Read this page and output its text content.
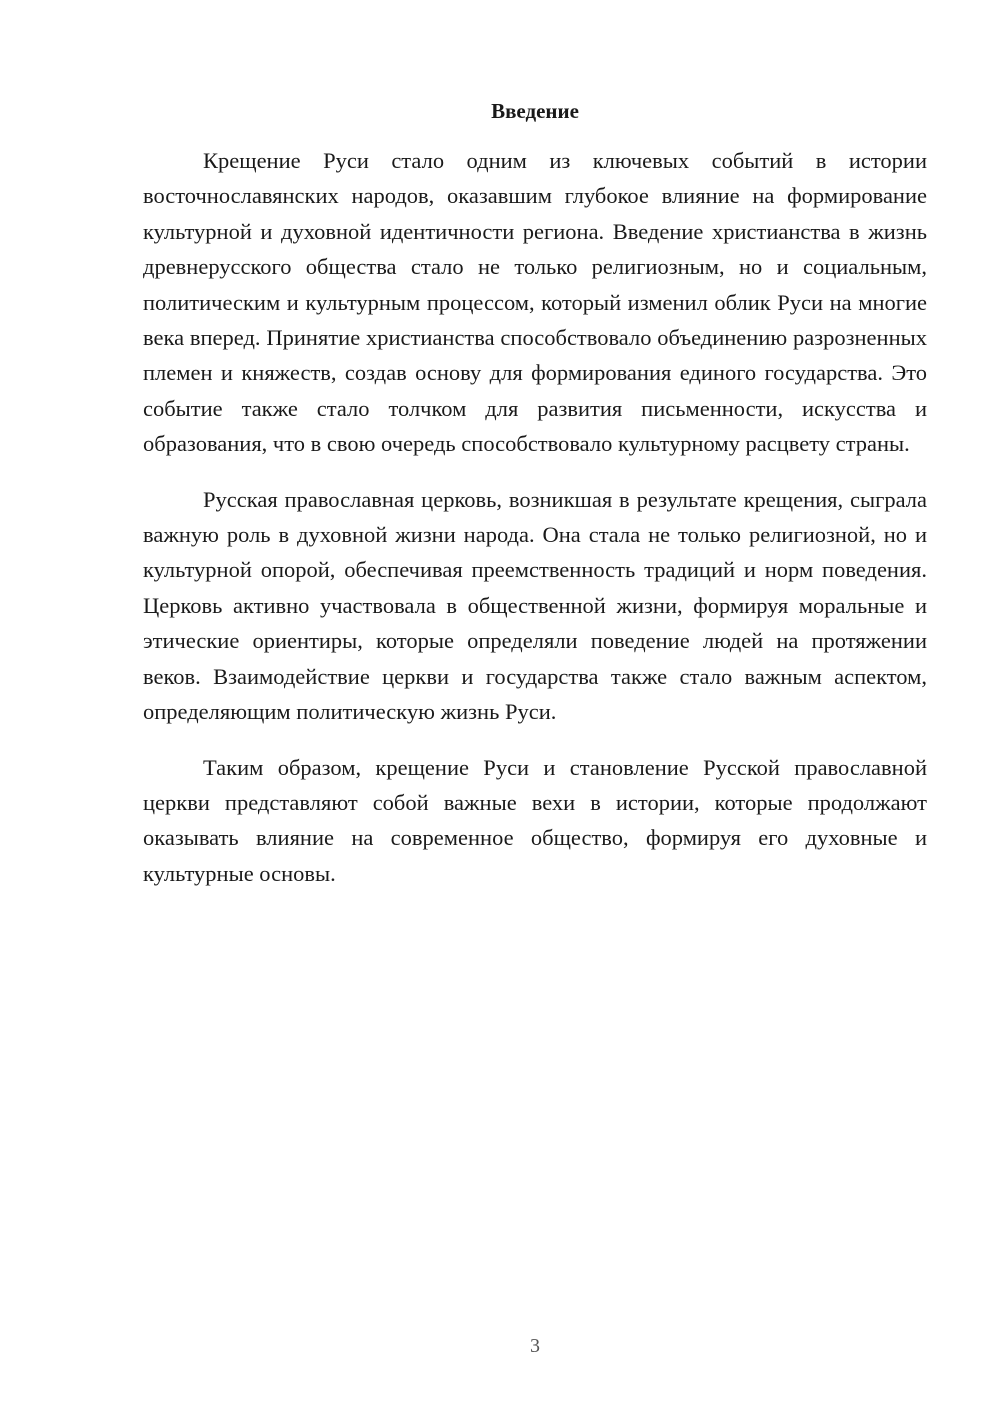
Введение

Крещение Руси стало одним из ключевых событий в истории восточнославянских народов, оказавшим глубокое влияние на формирование культурной и духовной идентичности региона. Введение христианства в жизнь древнерусского общества стало не только религиозным, но и социальным, политическим и культурным процессом, который изменил облик Руси на многие века вперед. Принятие христианства способствовало объединению разрозненных племен и княжеств, создав основу для формирования единого государства. Это событие также стало толчком для развития письменности, искусства и образования, что в свою очередь способствовало культурному расцвету страны.

Русская православная церковь, возникшая в результате крещения, сыграла важную роль в духовной жизни народа. Она стала не только религиозной, но и культурной опорой, обеспечивая преемственность традиций и норм поведения. Церковь активно участвовала в общественной жизни, формируя моральные и этические ориентиры, которые определяли поведение людей на протяжении веков. Взаимодействие церкви и государства также стало важным аспектом, определяющим политическую жизнь Руси.

Таким образом, крещение Руси и становление Русской православной церкви представляют собой важные вехи в истории, которые продолжают оказывать влияние на современное общество, формируя его духовные и культурные основы.

3
